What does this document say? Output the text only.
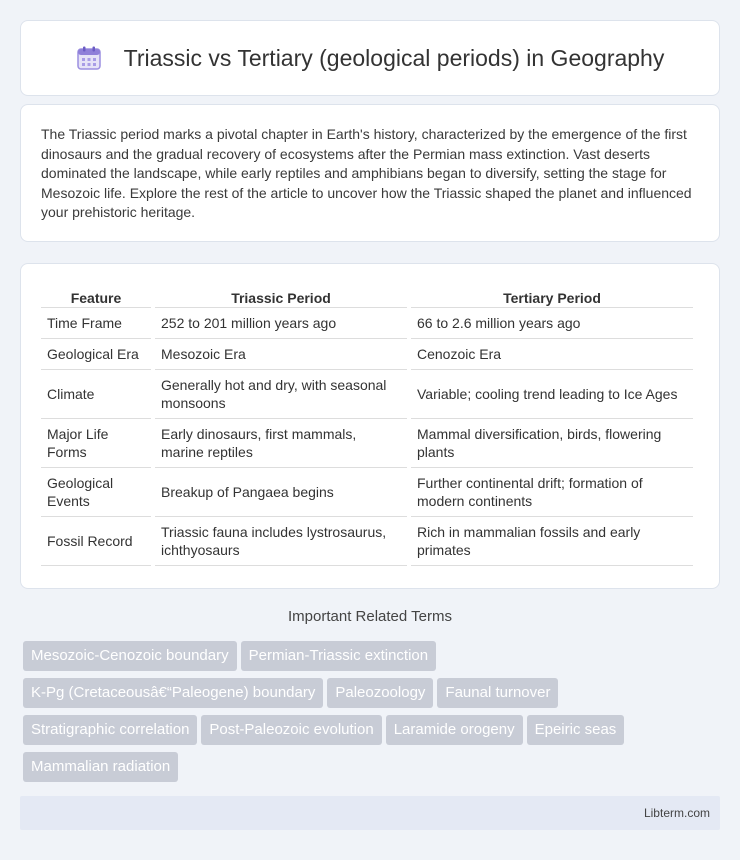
Triassic vs Tertiary (geological periods) in Geography

The Triassic period marks a pivotal chapter in Earth's history, characterized by the emergence of the first dinosaurs and the gradual recovery of ecosystems after the Permian mass extinction. Vast deserts dominated the landscape, while early reptiles and amphibians began to diversify, setting the stage for Mesozoic life. Explore the rest of the article to uncover how the Triassic shaped the planet and influenced your prehistoric heritage.

Feature	Triassic Period	Tertiary Period
Time Frame	252 to 201 million years ago	66 to 2.6 million years ago
Geological Era	Mesozoic Era	Cenozoic Era
Climate	Generally hot and dry, with seasonal monsoons	Variable; cooling trend leading to Ice Ages
Major Life Forms	Early dinosaurs, first mammals, marine reptiles	Mammal diversification, birds, flowering plants
Geological Events	Breakup of Pangaea begins	Further continental drift; formation of modern continents
Fossil Record	Triassic fauna includes lystrosaurus, ichthyosaurs	Rich in mammalian fossils and early primates
Important Related Terms
Mesozoic-Cenozoic boundary Permian-Triassic extinction
K-Pg (Cretaceousâ€“Paleogene) boundary Paleozoology Faunal turnover
Stratigraphic correlation Post-Paleozoic evolution Laramide orogeny Epeiric seas
Mammalian radiation
Libterm.com
